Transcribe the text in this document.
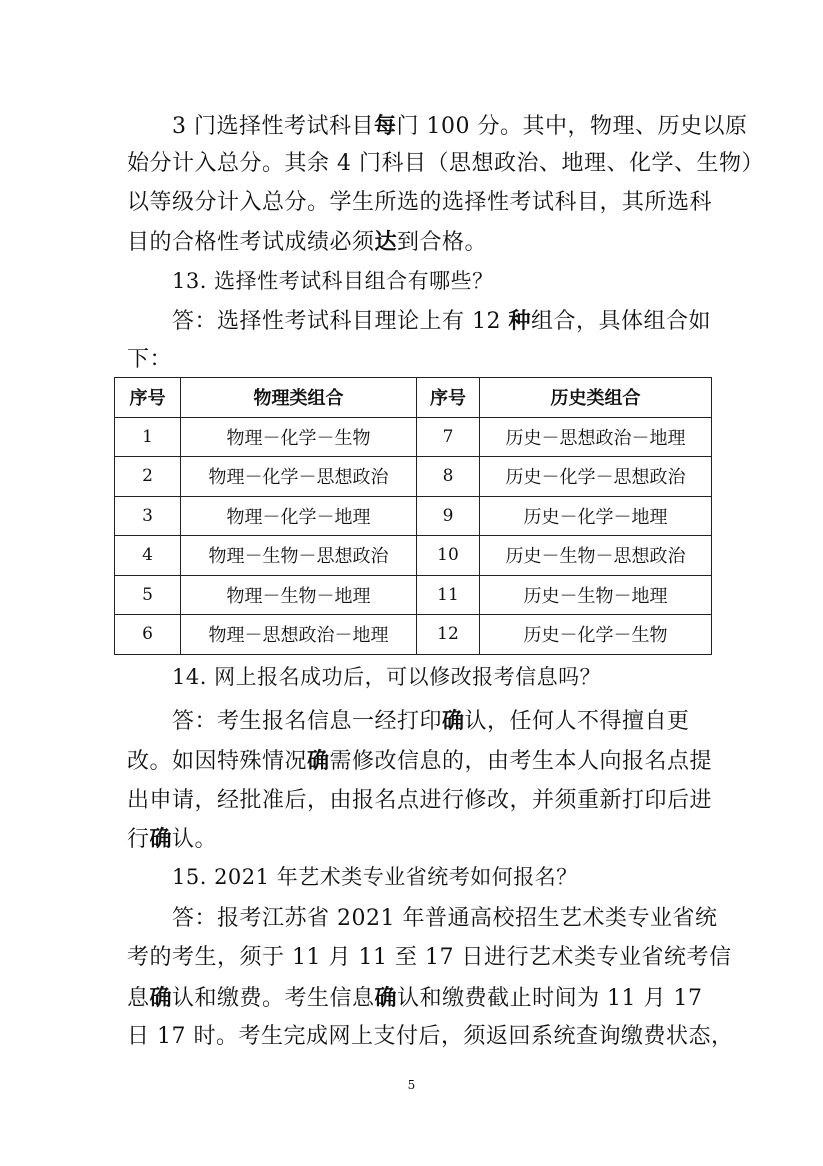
3 门选择性考试科目每门 100 分。其中，物理、历史以原
始分计入总分。其余 4 门科目（思想政治、地理、化学、生物）
以等级分计入总分。学生所选的选择性考试科目，其所选科
目的合格性考试成绩必须达到合格。
13. 选择性考试科目组合有哪些？
答：选择性考试科目理论上有 12 种组合，具体组合如
下：
序号	物理类组合	序号	历史类组合
1	物理－化学－生物	7	历史－思想政治－地理
2	物理－化学－思想政治	8	历史－化学－思想政治
3	物理－化学－地理	9	历史－化学－地理
4	物理－生物－思想政治	10	历史－生物－思想政治
5	物理－生物－地理	11	历史－生物－地理
6	物理－思想政治－地理	12	历史－化学－生物
14. 网上报名成功后，可以修改报考信息吗？
答：考生报名信息一经打印确认，任何人不得擅自更
改。如因特殊情况确需修改信息的，由考生本人向报名点提
出申请，经批准后，由报名点进行修改，并须重新打印后进
行确认。
15. 2021 年艺术类专业省统考如何报名？
答：报考江苏省 2021 年普通高校招生艺术类专业省统
考的考生，须于 11 月 11 至 17 日进行艺术类专业省统考信
息确认和缴费。考生信息确认和缴费截止时间为 11 月 17
日 17 时。考生完成网上支付后，须返回系统查询缴费状态，
5
